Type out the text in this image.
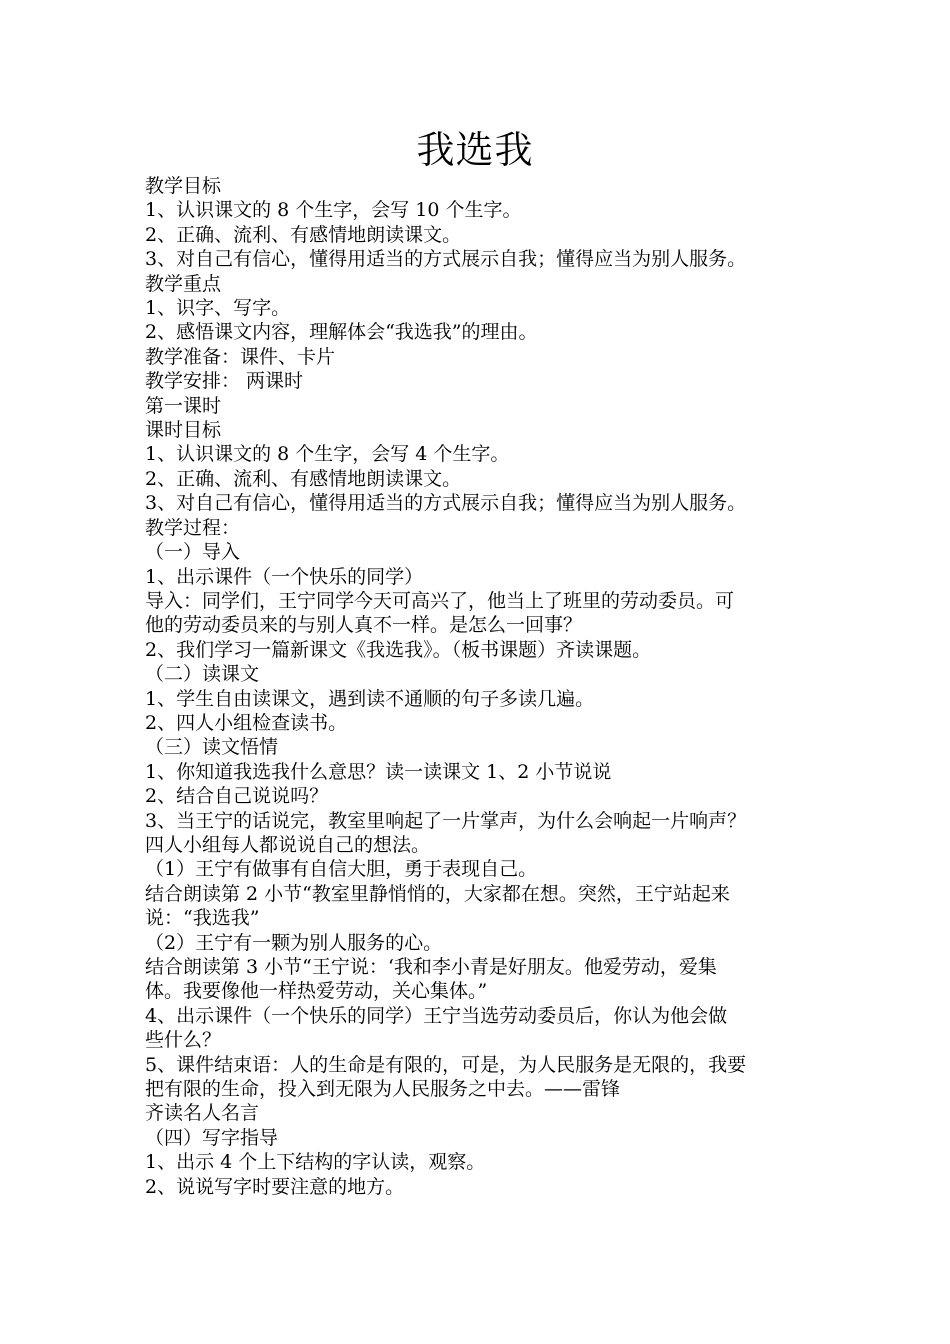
我选我
教学目标
1、认识课文的 8 个生字，会写 10 个生字。
2、正确、流利、有感情地朗读课文。
3、对自己有信心，懂得用适当的方式展示自我；懂得应当为别人服务。
教学重点
1、识字、写字。
2、感悟课文内容，理解体会“我选我”的理由。
教学准备：课件、卡片
教学安排： 两课时
第一课时
课时目标
1、认识课文的 8 个生字，会写 4 个生字。
2、正确、流利、有感情地朗读课文。
3、对自己有信心，懂得用适当的方式展示自我；懂得应当为别人服务。
教学过程：
（一）导入
1、出示课件（一个快乐的同学）
导入：同学们，王宁同学今天可高兴了，他当上了班里的劳动委员。可
他的劳动委员来的与别人真不一样。是怎么一回事？
2、我们学习一篇新课文《我选我》。（板书课题）齐读课题。
（二）读课文
1、学生自由读课文，遇到读不通顺的句子多读几遍。
2、四人小组检查读书。
（三）读文悟情
1、你知道我选我什么意思？读一读课文 1、2 小节说说
2、结合自己说说吗？
3、当王宁的话说完，教室里响起了一片掌声，为什么会响起一片响声？
四人小组每人都说说自己的想法。
（1）王宁有做事有自信大胆，勇于表现自己。
结合朗读第 2 小节“教室里静悄悄的，大家都在想。突然，王宁站起来
说：“我选我”
（2）王宁有一颗为别人服务的心。
结合朗读第 3 小节“王宁说：‘我和李小青是好朋友。他爱劳动，爱集
体。我要像他一样热爱劳动，关心集体。”
4、出示课件（一个快乐的同学）王宁当选劳动委员后，你认为他会做
些什么？
5、课件结束语：人的生命是有限的，可是，为人民服务是无限的，我要
把有限的生命，投入到无限为人民服务之中去。——雷锋
齐读名人名言
（四）写字指导
1、出示 4 个上下结构的字认读，观察。
2、说说写字时要注意的地方。
